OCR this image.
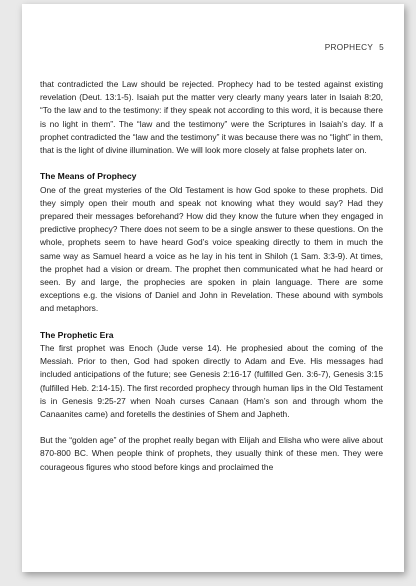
PROPHECY 5

that contradicted the Law should be rejected. Prophecy had to be tested against existing revelation (Deut. 13:1-5). Isaiah put the matter very clearly many years later in Isaiah 8:20, “To the law and to the testimony: if they speak not according to this word, it is because there is no light in them”. The “law and the testimony” were the Scriptures in Isaiah’s day. If a prophet contradicted the “law and the testimony” it was because there was no “light” in them, that is the light of divine illumination. We will look more closely at false prophets later on.

The Means of Prophecy

One of the great mysteries of the Old Testament is how God spoke to these prophets. Did they simply open their mouth and speak not knowing what they would say? Had they prepared their messages beforehand? How did they know the future when they engaged in predictive prophecy? There does not seem to be a single answer to these questions. On the whole, prophets seem to have heard God’s voice speaking directly to them in much the same way as Samuel heard a voice as he lay in his tent in Shiloh (1 Sam. 3:3-9). At times, the prophet had a vision or dream. The prophet then communicated what he had heard or seen. By and large, the prophecies are spoken in plain language. There are some exceptions e.g. the visions of Daniel and John in Revelation. These abound with symbols and metaphors.

The Prophetic Era

The first prophet was Enoch (Jude verse 14). He prophesied about the coming of the Messiah. Prior to then, God had spoken directly to Adam and Eve. His messages had included anticipations of the future; see Genesis 2:16-17 (fulfilled Gen. 3:6-7), Genesis 3:15 (fulfilled Heb. 2:14-15). The first recorded prophecy through human lips in the Old Testament is in Genesis 9:25-27 when Noah curses Canaan (Ham’s son and through whom the Canaanites came) and foretells the destinies of Shem and Japheth.

But the “golden age” of the prophet really began with Elijah and Elisha who were alive about 870-800 BC. When people think of prophets, they usually think of these men. They were courageous figures who stood before kings and proclaimed the
